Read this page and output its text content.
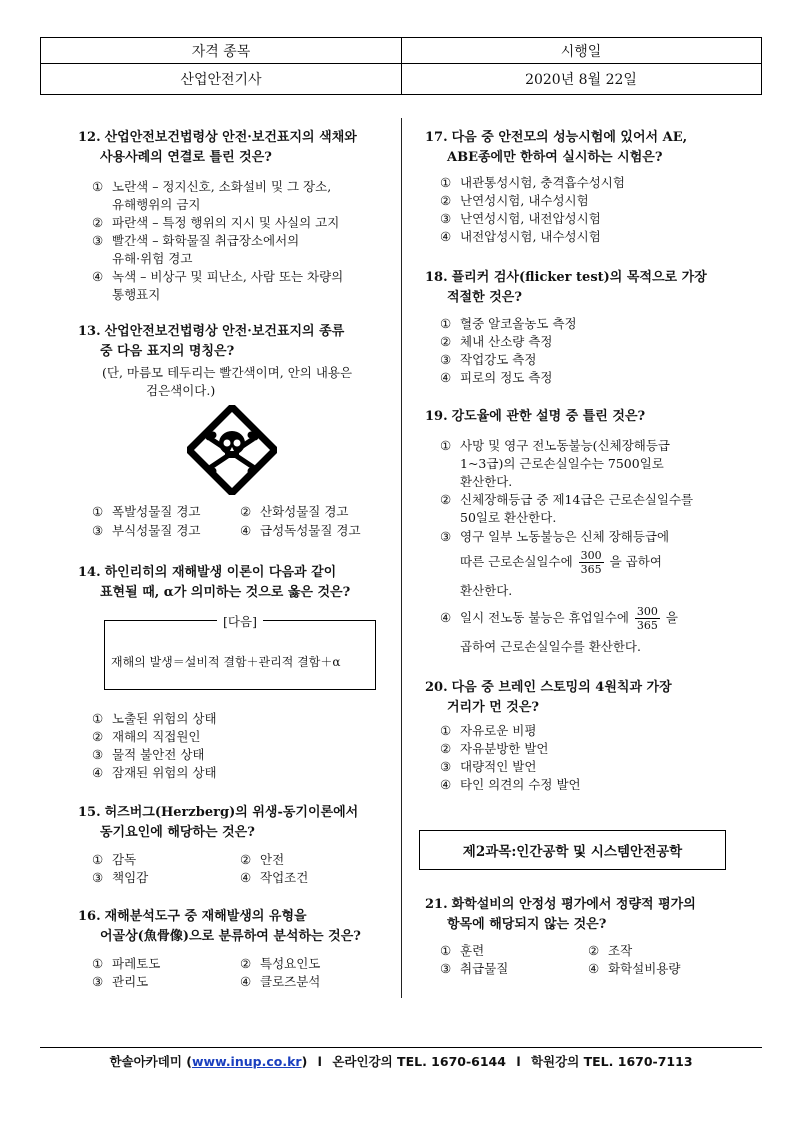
자격 종목	시행일
산업안전기사	2020년 8월 22일
12. 산업안전보건법령상 안전·보건표지의 색채와
사용사례의 연결로 틀린 것은?
① 노란색 – 정지신호, 소화설비 및 그 장소,
유해행위의 금지
② 파란색 – 특정 행위의 지시 및 사실의 고지
③ 빨간색 – 화학물질 취급장소에서의
유해·위험 경고
④ 녹색 – 비상구 및 피난소, 사람 또는 차량의
통행표지
13. 산업안전보건법령상 안전·보건표지의 종류
중 다음 표지의 명칭은?
(단, 마름모 테두리는 빨간색이며, 안의 내용은
검은색이다.)
① 폭발성물질 경고	② 산화성물질 경고
③ 부식성물질 경고	④ 급성독성물질 경고
14. 하인리히의 재해발생 이론이 다음과 같이
표현될 때, α가 의미하는 것으로 옳은 것은?
[다음]
재해의 발생＝설비적 결함＋관리적 결함＋α
① 노출된 위험의 상태
② 재해의 직접원인
③ 물적 불안전 상태
④ 잠재된 위험의 상태
15. 허즈버그(Herzberg)의 위생-동기이론에서
동기요인에 해당하는 것은?
① 감독	② 안전
③ 책임감	④ 작업조건
16. 재해분석도구 중 재해발생의 유형을
어골상(魚骨像)으로 분류하여 분석하는 것은?
① 파레토도	② 특성요인도
③ 관리도	④ 클로즈분석
17. 다음 중 안전모의 성능시험에 있어서 AE,
ABE종에만 한하여 실시하는 시험은?
① 내관통성시험, 충격흡수성시험
② 난연성시험, 내수성시험
③ 난연성시험, 내전압성시험
④ 내전압성시험, 내수성시험
18. 플리커 검사(flicker test)의 목적으로 가장
적절한 것은?
① 혈중 알코올농도 측정
② 체내 산소량 측정
③ 작업강도 측정
④ 피로의 정도 측정
19. 강도율에 관한 설명 중 틀린 것은?
① 사망 및 영구 전노동불능(신체장해등급
1~3급)의 근로손실일수는 7500일로
환산한다.
② 신체장해등급 중 제14급은 근로손실일수를
50일로 환산한다.
③ 영구 일부 노동불능은 신체 장해등급에
따른 근로손실일수에 $\frac{300}{365}$ 을 곱하여
환산한다.
④ 일시 전노동 불능은 휴업일수에 $\frac{300}{365}$ 을
곱하여 근로손실일수를 환산한다.
20. 다음 중 브레인 스토밍의 4원칙과 가장
거리가 먼 것은?
① 자유로운 비평
② 자유분방한 발언
③ 대량적인 발언
④ 타인 의견의 수정 발언
제2과목:인간공학 및 시스템안전공학
21. 화학설비의 안정성 평가에서 정량적 평가의
항목에 해당되지 않는 것은?
① 훈련	② 조작
③ 취급물질	④ 화학설비용량
한솔아카데미 (www.inup.co.kr) l 온라인강의 TEL. 1670-6144 l 학원강의 TEL. 1670-7113
